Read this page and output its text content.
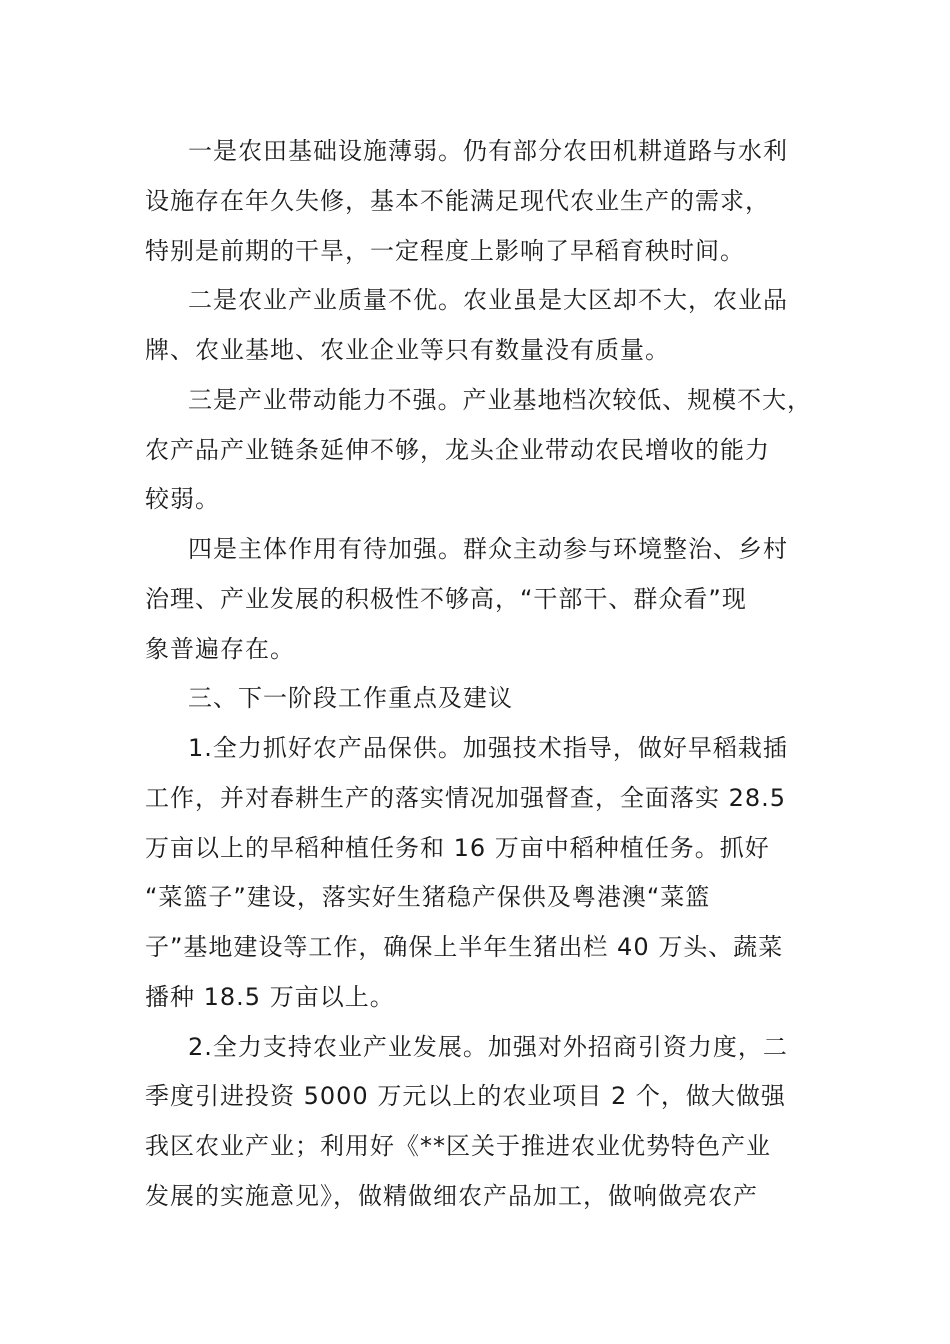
一是农田基础设施薄弱。仍有部分农田机耕道路与水利
设施存在年久失修，基本不能满足现代农业生产的需求，
特别是前期的干旱，一定程度上影响了早稻育秧时间。
二是农业产业质量不优。农业虽是大区却不大，农业品
牌、农业基地、农业企业等只有数量没有质量。
三是产业带动能力不强。产业基地档次较低、规模不大，
农产品产业链条延伸不够，龙头企业带动农民增收的能力
较弱。
四是主体作用有待加强。群众主动参与环境整治、乡村
治理、产业发展的积极性不够高，“干部干、群众看”现
象普遍存在。
三、下一阶段工作重点及建议
1.全力抓好农产品保供。加强技术指导，做好早稻栽插
工作，并对春耕生产的落实情况加强督查，全面落实 28.5
万亩以上的早稻种植任务和 16 万亩中稻种植任务。抓好
“菜篮子”建设，落实好生猪稳产保供及粤港澳“菜篮
子”基地建设等工作，确保上半年生猪出栏 40 万头、蔬菜
播种 18.5 万亩以上。
2.全力支持农业产业发展。加强对外招商引资力度，二
季度引进投资 5000 万元以上的农业项目 2 个，做大做强
我区农业产业；利用好《**区关于推进农业优势特色产业
发展的实施意见》，做精做细农产品加工，做响做亮农产
